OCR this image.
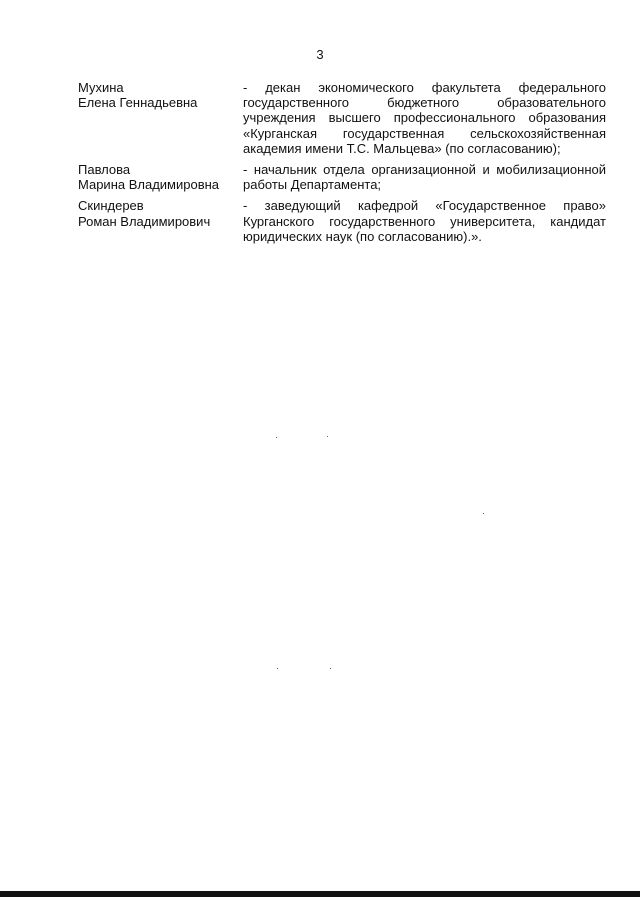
3
Мухина
Елена Геннадьевна
- декан экономического факультета федерального государственного бюджетного образовательного учреждения высшего профессионального образования «Курганская государственная сельскохозяйственная академия имени Т.С. Мальцева» (по согласованию);
Павлова
Марина Владимировна
- начальник отдела организационной и мобилизационной работы Департамента;
Скиндерев
Роман Владимирович
- заведующий кафедрой «Государственное право» Курганского государственного университета, кандидат юридических наук (по согласованию).».
